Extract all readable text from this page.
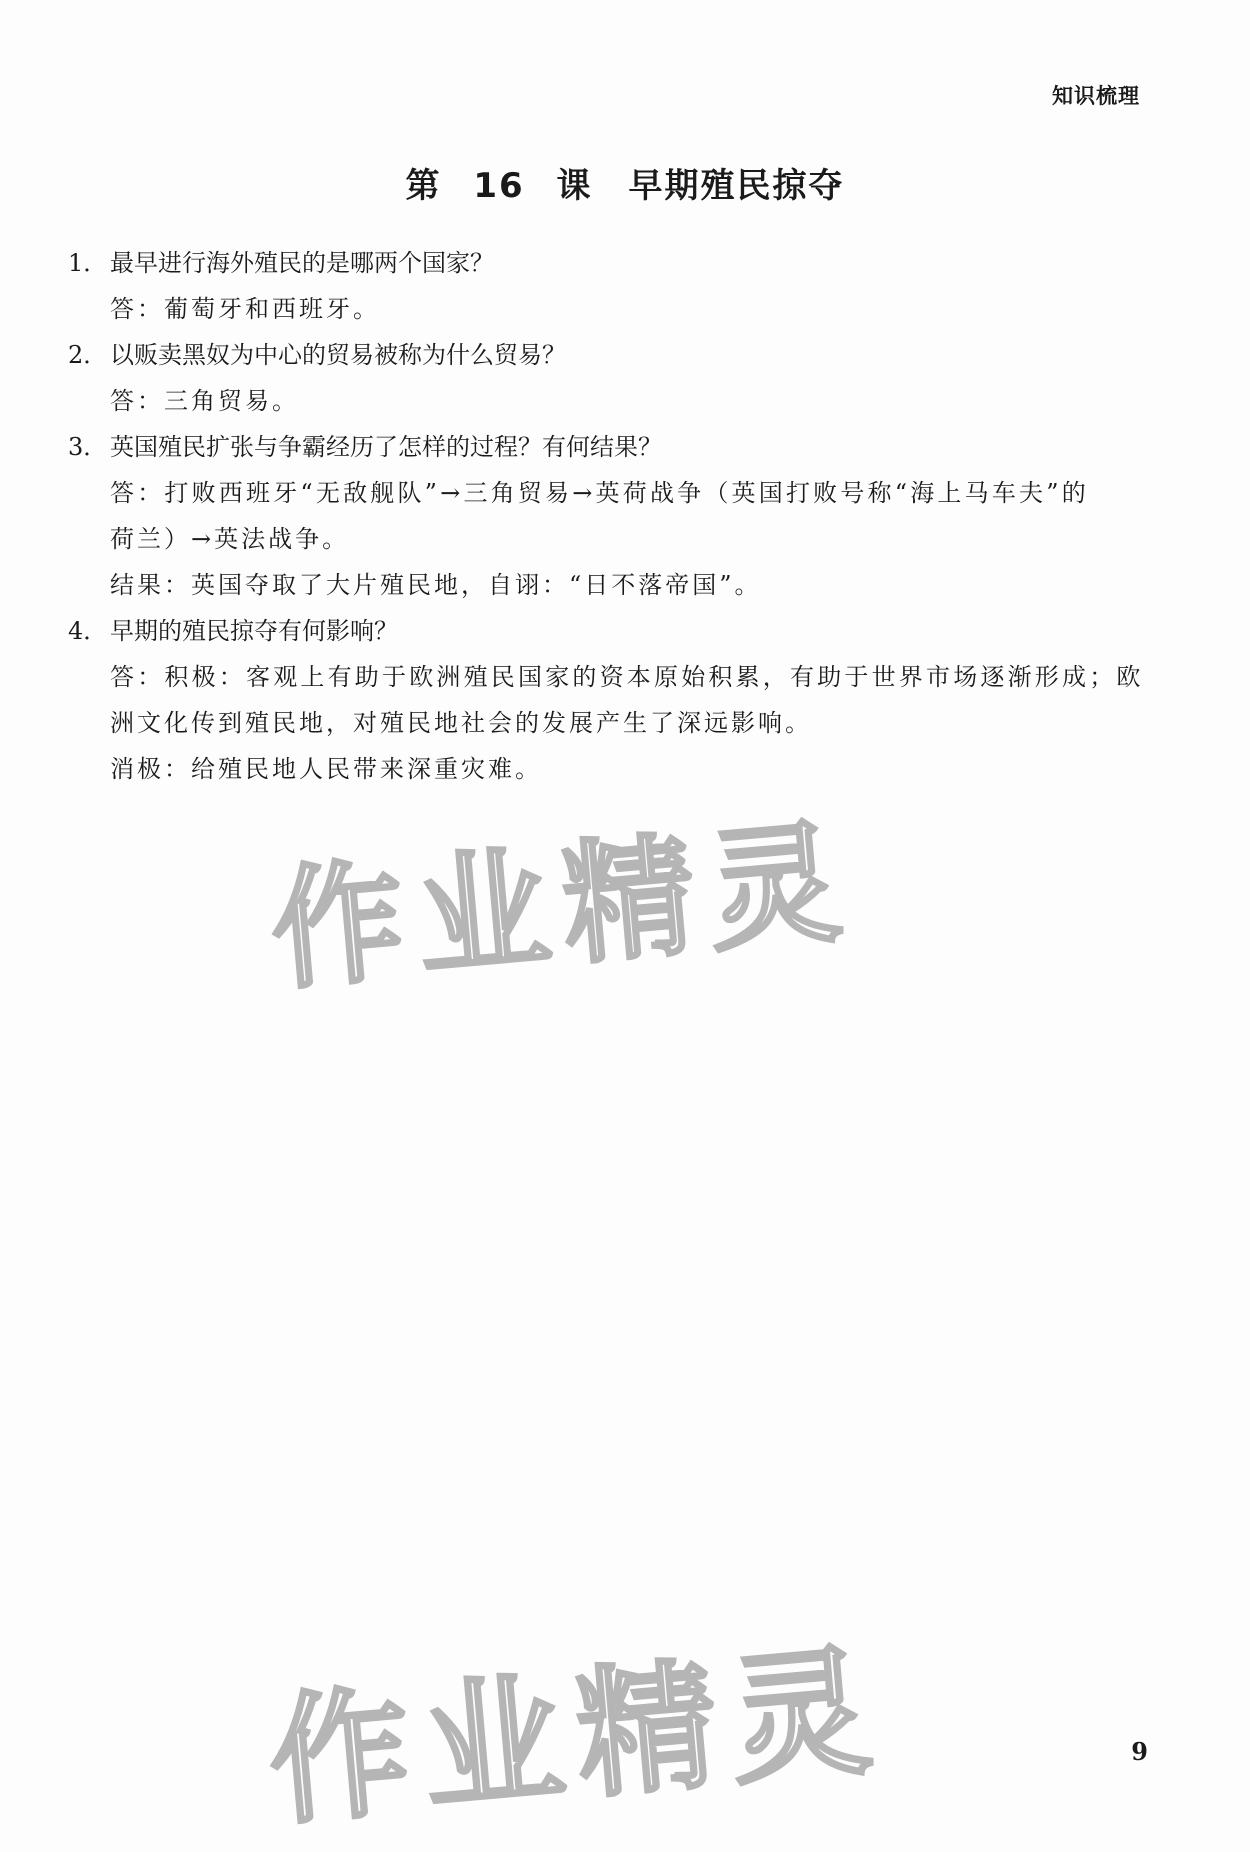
知识梳理
第 16 课　早期殖民掠夺
1． 最早进行海外殖民的是哪两个国家？
答：葡萄牙和西班牙。
2． 以贩卖黑奴为中心的贸易被称为什么贸易？
答：三角贸易。
3． 英国殖民扩张与争霸经历了怎样的过程？有何结果？
答：打败西班牙“无敌舰队”→三角贸易→英荷战争（英国打败号称“海上马车夫”的
荷兰）→英法战争。
结果：英国夺取了大片殖民地，自诩：“日不落帝国”。
4． 早期的殖民掠夺有何影响？
答：积极：客观上有助于欧洲殖民国家的资本原始积累，有助于世界市场逐渐形成；欧
洲文化传到殖民地，对殖民地社会的发展产生了深远影响。
消极：给殖民地人民带来深重灾难。
作业精灵
作业精灵	9
